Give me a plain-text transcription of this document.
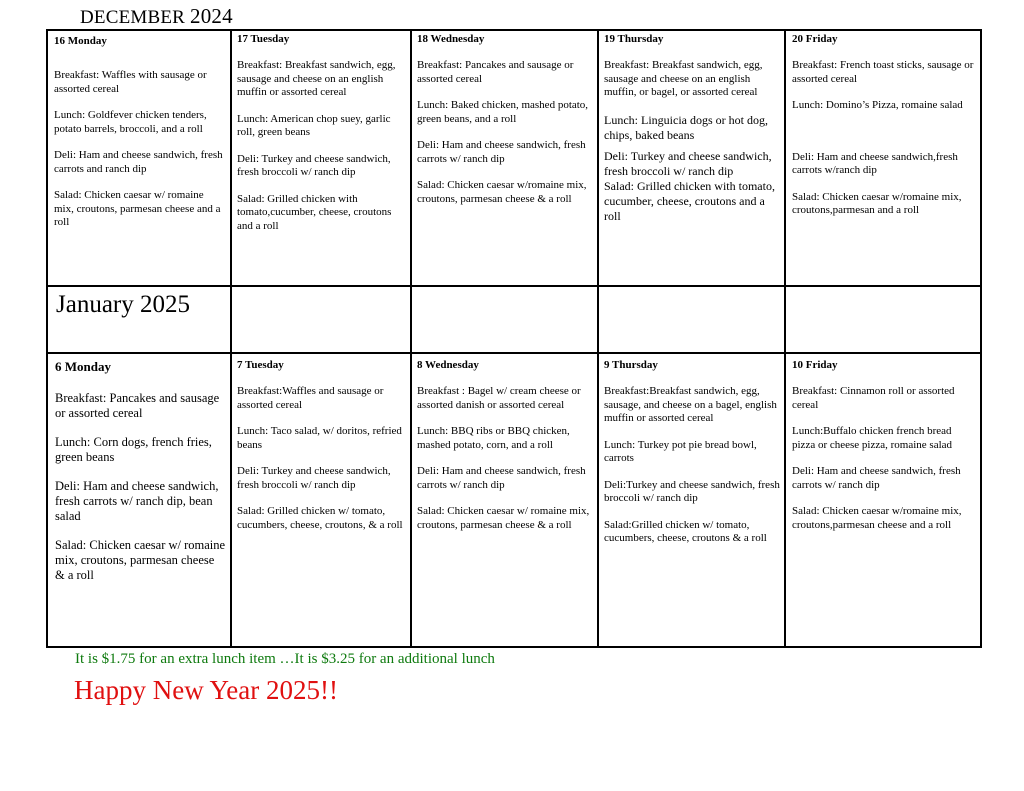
DECEMBER 2024
16 Monday
Breakfast: Waffles with sausage or assorted cereal
Lunch: Goldfever chicken tenders, potato barrels, broccoli, and a roll
Deli: Ham and cheese sandwich, fresh carrots and ranch dip
Salad: Chicken caesar w/ romaine mix, croutons, parmesan cheese and a roll
17 Tuesday
Breakfast: Breakfast sandwich, egg, sausage and cheese on an english muffin or assorted cereal
Lunch: American chop suey, garlic roll, green beans
Deli: Turkey and cheese sandwich, fresh broccoli w/ ranch dip
Salad: Grilled chicken with tomato,cucumber, cheese, croutons and a roll
18 Wednesday
Breakfast: Pancakes and sausage or assorted cereal
Lunch: Baked chicken, mashed potato, green beans, and a roll
Deli: Ham and cheese sandwich, fresh carrots w/ ranch dip
Salad: Chicken caesar w/romaine mix, croutons, parmesan cheese & a roll
19 Thursday
Breakfast: Breakfast sandwich, egg, sausage and cheese on an english muffin, or bagel, or assorted cereal
Lunch: Linguicia dogs or hot dog, chips, baked beans
Deli: Turkey and cheese sandwich, fresh broccoli w/ ranch dip
Salad: Grilled chicken with tomato, cucumber, cheese, croutons and a roll
20 Friday
Breakfast: French toast sticks, sausage or assorted cereal
Lunch: Domino’s Pizza, romaine salad
Deli: Ham and cheese sandwich,fresh carrots w/ranch dip
Salad: Chicken caesar w/romaine mix, croutons,parmesan and a roll
January 2025
6 Monday
Breakfast: Pancakes and sausage or assorted cereal
Lunch: Corn dogs, french fries, green beans
Deli: Ham and cheese sandwich, fresh carrots w/ ranch dip, bean salad
Salad: Chicken caesar w/ romaine mix, croutons, parmesan cheese & a roll
7 Tuesday
Breakfast:Waffles and sausage or assorted cereal
Lunch: Taco salad, w/ doritos, refried beans
Deli: Turkey and cheese sandwich, fresh broccoli w/ ranch dip
Salad: Grilled chicken w/ tomato, cucumbers, cheese, croutons, & a roll
8 Wednesday
Breakfast : Bagel w/ cream cheese or assorted danish or assorted cereal
Lunch: BBQ ribs or BBQ chicken, mashed potato, corn, and a roll
Deli: Ham and cheese sandwich, fresh carrots w/ ranch dip
Salad: Chicken caesar w/ romaine mix, croutons, parmesan cheese & a roll
9 Thursday
Breakfast:Breakfast sandwich, egg, sausage, and cheese on a bagel, english muffin or assorted cereal
Lunch: Turkey pot pie bread bowl, carrots
Deli:Turkey and cheese sandwich, fresh broccoli w/ ranch dip
Salad:Grilled chicken w/ tomato, cucumbers, cheese, croutons & a roll
10 Friday
Breakfast: Cinnamon roll or assorted cereal
Lunch:Buffalo chicken french bread pizza or cheese pizza, romaine salad
Deli: Ham and cheese sandwich, fresh carrots w/ ranch dip
Salad: Chicken caesar w/romaine mix, croutons,parmesan cheese and a roll
It is $1.75 for an extra lunch item …It is $3.25 for an additional lunch
Happy New Year 2025!!
